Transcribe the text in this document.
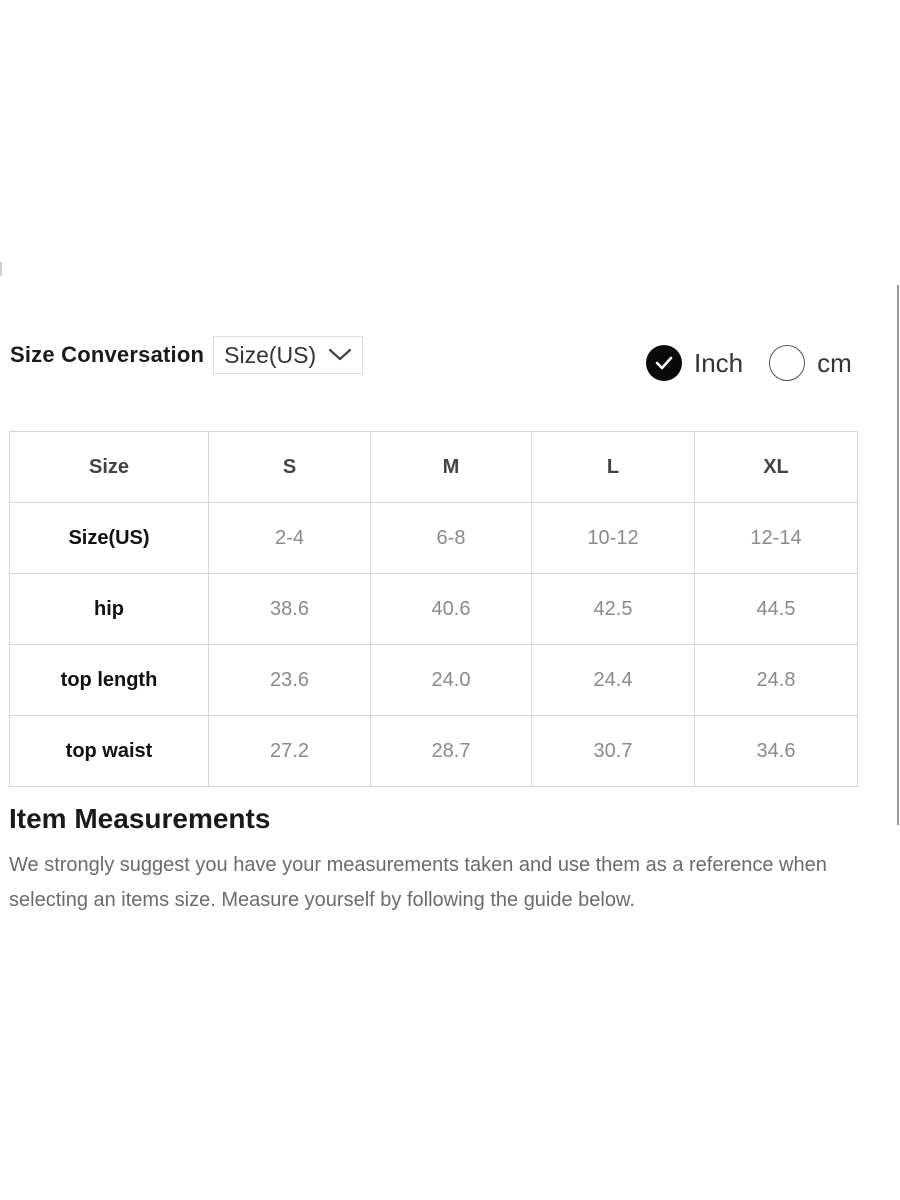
Size Conversation Size(US)	Inch	cm
Size	S	M	L	XL
Size(US)	2-4	6-8	10-12	12-14
hip	38.6	40.6	42.5	44.5
top length	23.6	24.0	24.4	24.8
top waist	27.2	28.7	30.7	34.6
Item Measurements

We strongly suggest you have your measurements taken and use them as a reference when selecting an items size. Measure yourself by following the guide below.
